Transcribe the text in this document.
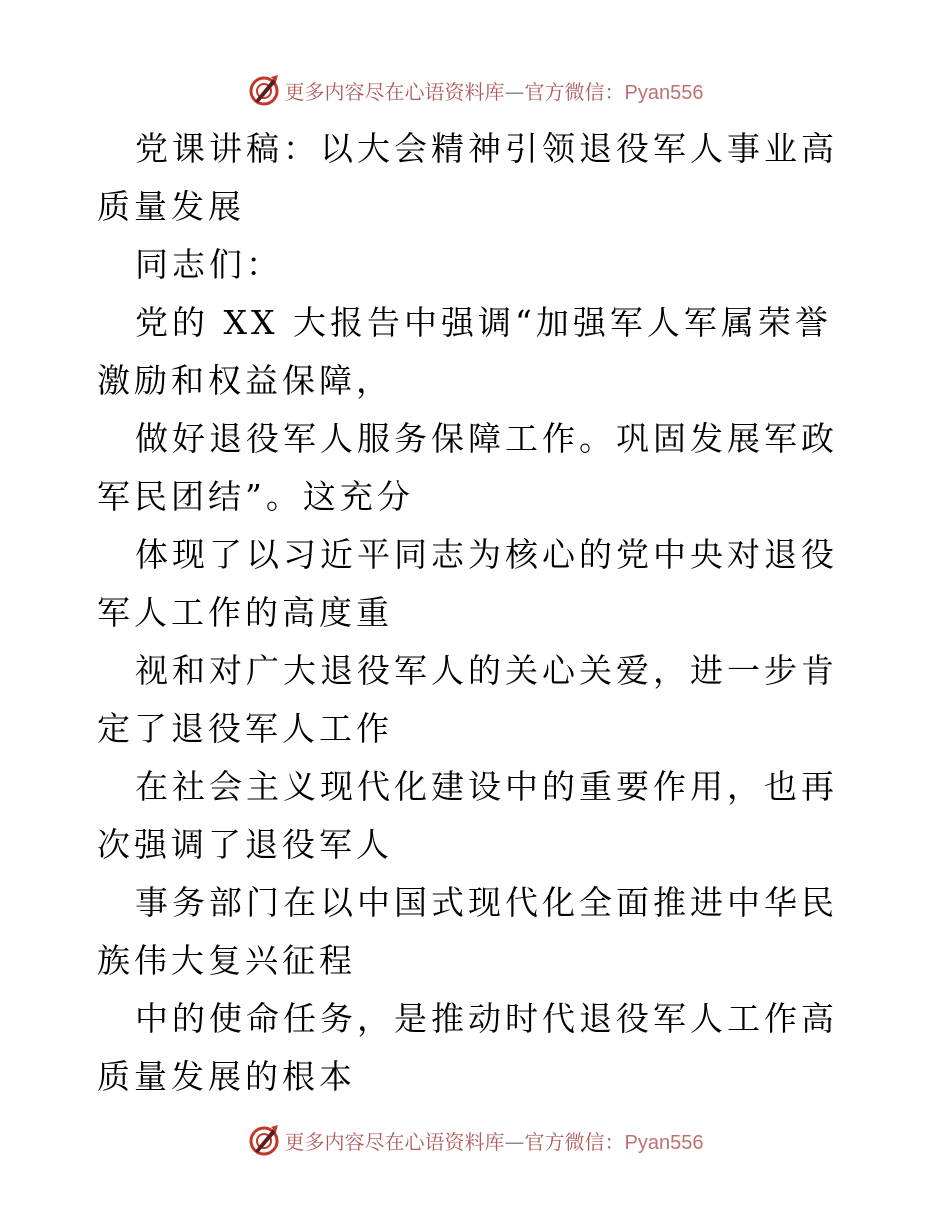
更多内容尽在心语资料库—官方微信：Pyan556

党课讲稿：以大会精神引领退役军人事业高质量发展

同志们：

党的 XX 大报告中强调“加强军人军属荣誉激励和权益保障，

做好退役军人服务保障工作。巩固发展军政军民团结”。这充分

体现了以习近平同志为核心的党中央对退役军人工作的高度重

视和对广大退役军人的关心关爱，进一步肯定了退役军人工作

在社会主义现代化建设中的重要作用，也再次强调了退役军人

事务部门在以中国式现代化全面推进中华民族伟大复兴征程

中的使命任务，是推动时代退役军人工作高质量发展的根本

更多内容尽在心语资料库—官方微信：Pyan556
